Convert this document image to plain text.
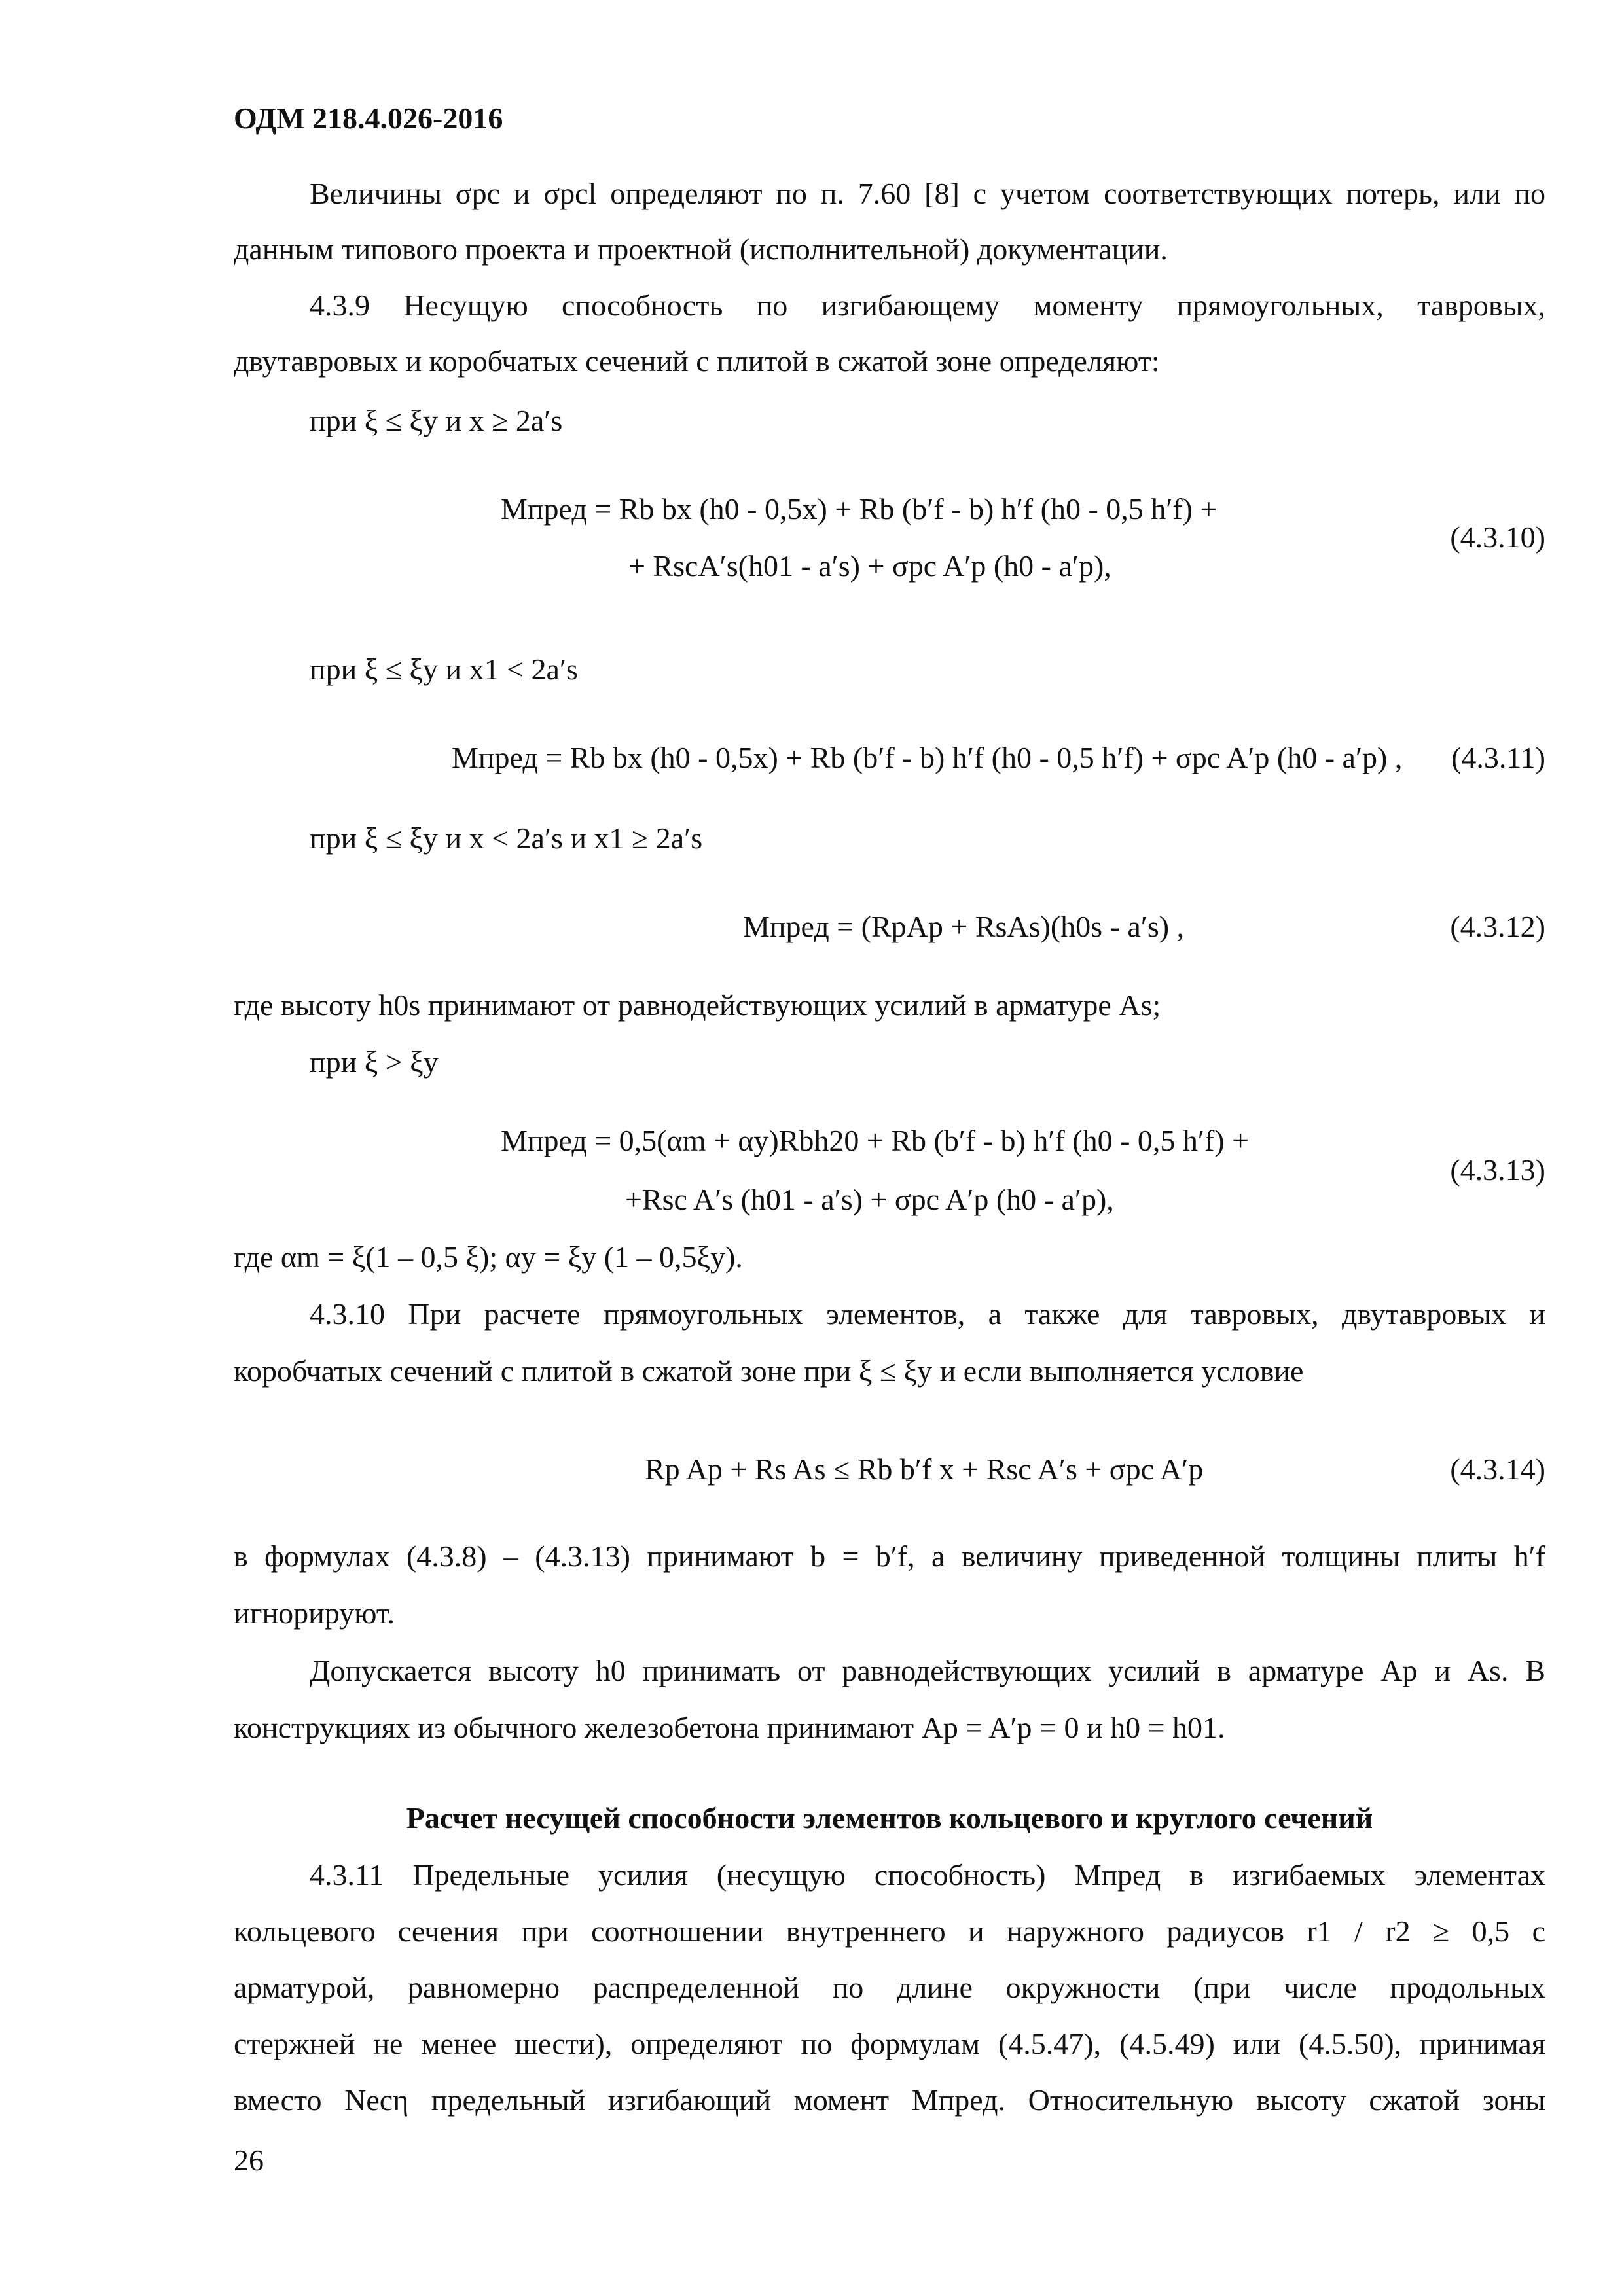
ОДМ 218.4.026-2016

Величины σpc и σpcl определяют по п. 7.60 [8] с учетом соответствующих потерь, или по

данным типового проекта и проектной (исполнительной) документации.

4.3.9 Несущую способность по изгибающему моменту прямоугольных, тавровых,

двутавровых и коробчатых сечений с плитой в сжатой зоне определяют:

при ξ ≤ ξy и x ≥ 2a′s

Mпред = Rb bx (h0 - 0,5x) + Rb (b′f - b) h′f (h0 - 0,5 h′f) +

+ RscA′s(h01 - a′s) + σpc A′p (h0 - a′p),

(4.3.10)

при ξ ≤ ξy и x1 < 2a′s

Mпред = Rb bx (h0 - 0,5x) + Rb (b′f - b) h′f (h0 - 0,5 h′f) + σpc A′p (h0 - a′p) , (4.3.11)

при ξ ≤ ξy и x < 2a′s и x1 ≥ 2a′s

Mпред = (RpAp + RsAs)(h0s - a′s) ,	(4.3.12)

где высоту h0s принимают от равнодействующих усилий в арматуре As;

при ξ > ξy

Mпред = 0,5(αm + αy)Rbh20 + Rb (b′f - b) h′f (h0 - 0,5 h′f) +

+Rsc A′s (h01 - a′s) + σpc A′p (h0 - a′p),

(4.3.13)

где αm = ξ(1 – 0,5 ξ); αy = ξy (1 – 0,5ξy).

4.3.10 При расчете прямоугольных элементов, а также для тавровых, двутавровых и

коробчатых сечений с плитой в сжатой зоне при ξ ≤ ξy и если выполняется условие

Rp Ap + Rs As ≤ Rb b′f x + Rsc A′s + σpc A′p	(4.3.14)

в формулах (4.3.8) – (4.3.13) принимают b = b′f, а величину приведенной толщины плиты h′f

игнорируют.

Допускается высоту h0 принимать от равнодействующих усилий в арматуре Ap и As. В

конструкциях из обычного железобетона принимают Ap = A′p = 0 и h0 = h01.

Расчет несущей способности элементов кольцевого и круглого сечений

4.3.11 Предельные усилия (несущую способность) Mпред в изгибаемых элементах

кольцевого сечения при соотношении внутреннего и наружного радиусов r1 / r2 ≥ 0,5 с

арматурой, равномерно распределенной по длине окружности (при числе продольных

стержней не менее шести), определяют по формулам (4.5.47), (4.5.49) или (4.5.50), принимая

вместо Necη предельный изгибающий момент Mпред. Относительную высоту сжатой зоны

26
